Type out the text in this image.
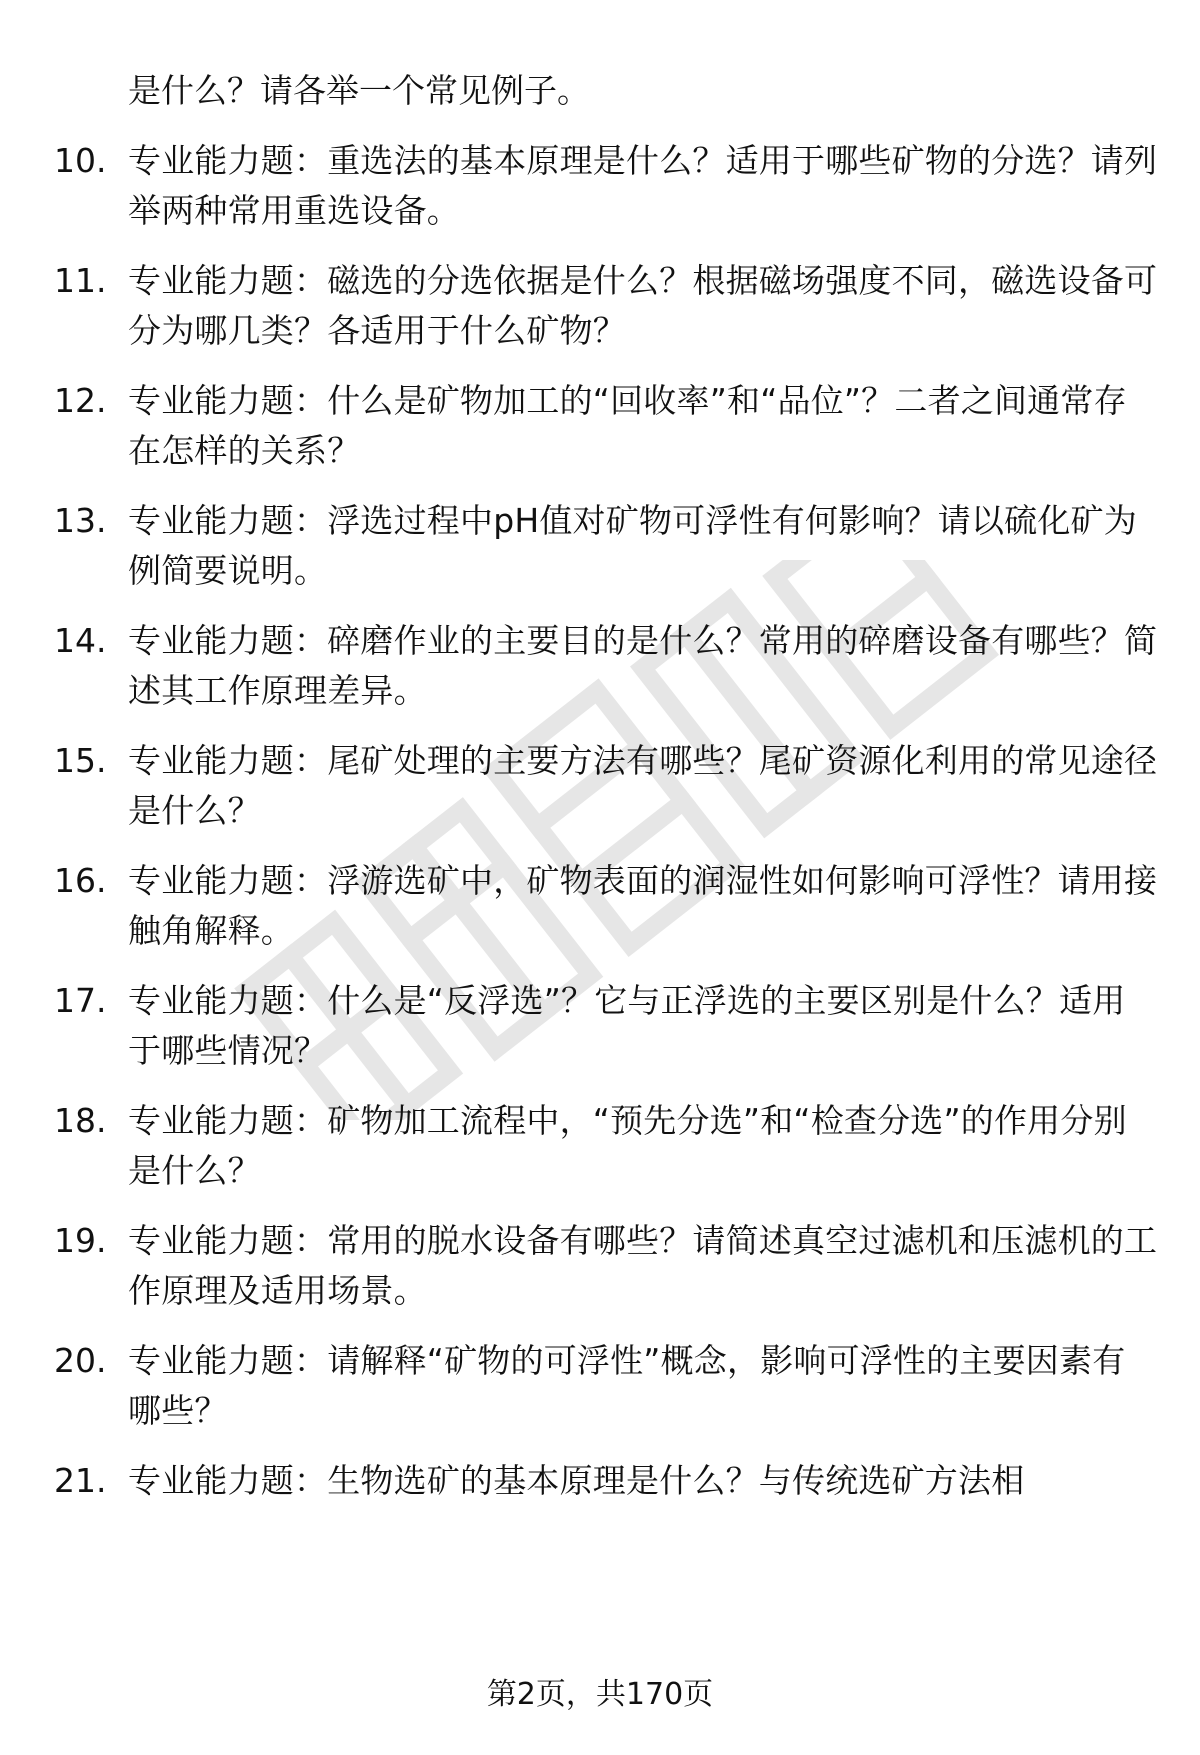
是什么？请各举一个常见例子。
10. 专业能力题：重选法的基本原理是什么？适用于哪些矿物的分选？请列举两种常用重选设备。
11. 专业能力题：磁选的分选依据是什么？根据磁场强度不同，磁选设备可分为哪几类？各适用于什么矿物？
12. 专业能力题：什么是矿物加工的“回收率”和“品位”？二者之间通常存在怎样的关系？
13. 专业能力题：浮选过程中pH值对矿物可浮性有何影响？请以硫化矿为例简要说明。
14. 专业能力题：碎磨作业的主要目的是什么？常用的碎磨设备有哪些？简述其工作原理差异。
15. 专业能力题：尾矿处理的主要方法有哪些？尾矿资源化利用的常见途径是什么？
16. 专业能力题：浮游选矿中，矿物表面的润湿性如何影响可浮性？请用接触角解释。
17. 专业能力题：什么是“反浮选”？它与正浮选的主要区别是什么？适用于哪些情况？
18. 专业能力题：矿物加工流程中，“预先分选”和“检查分选”的作用分别是什么？
19. 专业能力题：常用的脱水设备有哪些？请简述真空过滤机和压滤机的工作原理及适用场景。
20. 专业能力题：请解释“矿物的可浮性”概念，影响可浮性的主要因素有哪些？
21. 专业能力题：生物选矿的基本原理是什么？与传统选矿方法相
第2页，共170页
